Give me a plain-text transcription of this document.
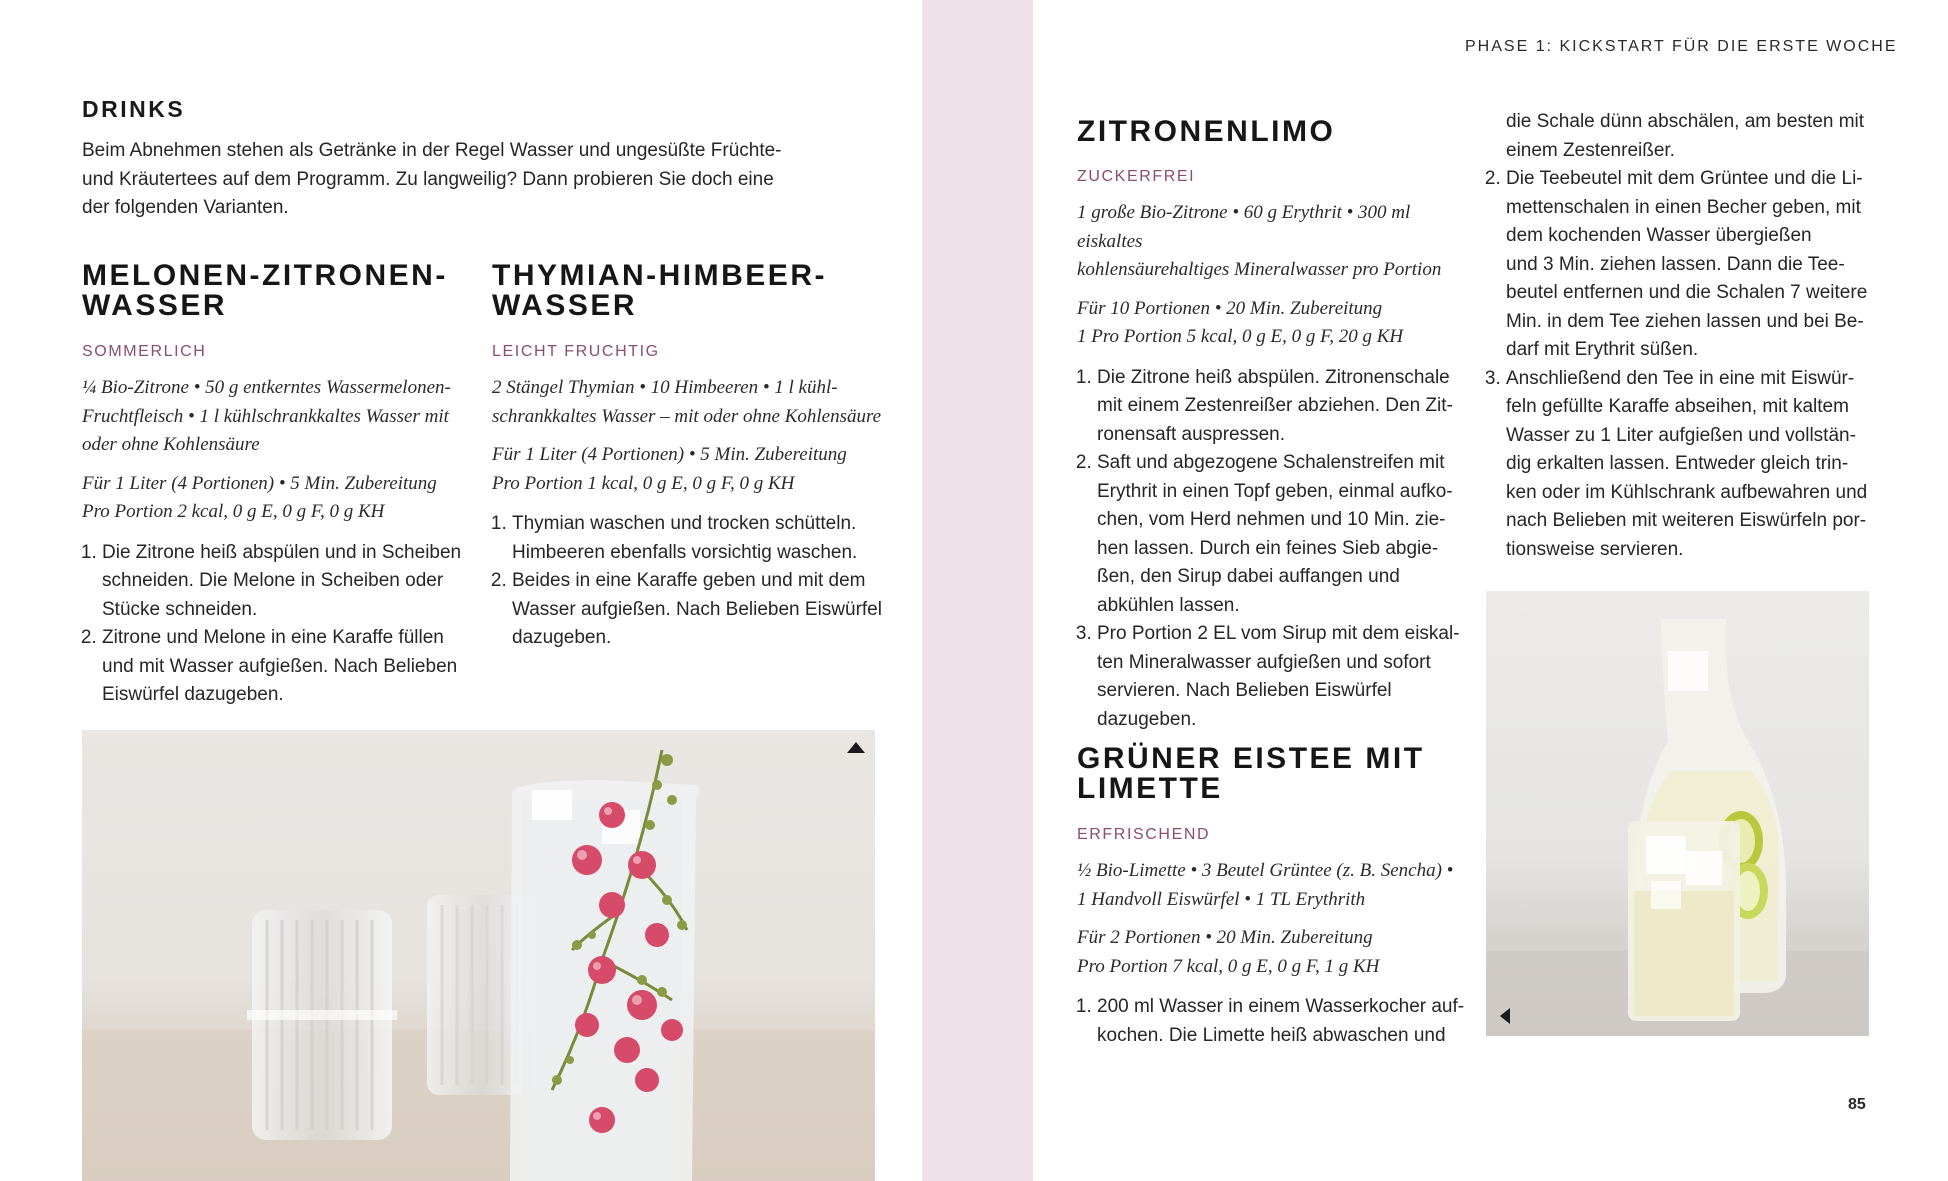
DRINKS
Beim Abnehmen stehen als Getränke in der Regel Wasser und ungesüßte Früchte-
und Kräutertees auf dem Programm. Zu langweilig? Dann probieren Sie doch eine
der folgenden Varianten.
MELONEN-ZITRONEN-
WASSER
SOMMERLICH
¼ Bio-Zitrone • 50 g entkerntes Wassermelonen-
Fruchtfleisch • 1 l kühlschrankkaltes Wasser mit
oder ohne Kohlensäure
Für 1 Liter (4 Portionen) • 5 Min. Zubereitung
Pro Portion 2 kcal, 0 g E, 0 g F, 0 g KH
1. Die Zitrone heiß abspülen und in Scheiben
schneiden. Die Melone in Scheiben oder
Stücke schneiden.
2. Zitrone und Melone in eine Karaffe füllen
und mit Wasser aufgießen. Nach Belieben
Eiswürfel dazugeben.
THYMIAN-HIMBEER-
WASSER
LEICHT FRUCHTIG
2 Stängel Thymian • 10 Himbeeren • 1 l kühl-
schrankkaltes Wasser – mit oder ohne Kohlensäure
Für 1 Liter (4 Portionen) • 5 Min. Zubereitung
Pro Portion 1 kcal, 0 g E, 0 g F, 0 g KH
1. Thymian waschen und trocken schütteln.
Himbeeren ebenfalls vorsichtig waschen.
2. Beides in eine Karaffe geben und mit dem
Wasser aufgießen. Nach Belieben Eiswürfel
dazugeben.
PHASE 1: KICKSTART FÜR DIE ERSTE WOCHE
ZITRONENLIMO
ZUCKERFREI
1 große Bio-Zitrone • 60 g Erythrit • 300 ml eiskaltes
kohlensäurehaltiges Mineralwasser pro Portion
Für 10 Portionen • 20 Min. Zubereitung
1 Pro Portion 5 kcal, 0 g E, 0 g F, 20 g KH
1. Die Zitrone heiß abspülen. Zitronenschale
mit einem Zestenreißer abziehen. Den Zit-
ronensaft auspressen.
2. Saft und abgezogene Schalenstreifen mit
Erythrit in einen Topf geben, einmal aufko-
chen, vom Herd nehmen und 10 Min. zie-
hen lassen. Durch ein feines Sieb abgie-
ßen, den Sirup dabei auffangen und
abkühlen lassen.
3. Pro Portion 2 EL vom Sirup mit dem eiskal-
ten Mineralwasser aufgießen und sofort
servieren. Nach Belieben Eiswürfel
dazugeben.
GRÜNER EISTEE MIT
LIMETTE
ERFRISCHEND
½ Bio-Limette • 3 Beutel Grüntee (z. B. Sencha) •
1 Handvoll Eiswürfel • 1 TL Erythrith
Für 2 Portionen • 20 Min. Zubereitung
Pro Portion 7 kcal, 0 g E, 0 g F, 1 g KH
1. 200 ml Wasser in einem Wasserkocher auf-
kochen. Die Limette heiß abwaschen und
die Schale dünn abschälen, am besten mit
einem Zestenreißer.
2. Die Teebeutel mit dem Grüntee und die Li-
mettenschalen in einen Becher geben, mit
dem kochenden Wasser übergießen
und 3 Min. ziehen lassen. Dann die Tee-
beutel entfernen und die Schalen 7 weitere
Min. in dem Tee ziehen lassen und bei Be-
darf mit Erythrit süßen.
3. Anschließend den Tee in eine mit Eiswür-
feln gefüllte Karaffe abseihen, mit kaltem
Wasser zu 1 Liter aufgießen und vollstän-
dig erkalten lassen. Entweder gleich trin-
ken oder im Kühlschrank aufbewahren und
nach Belieben mit weiteren Eiswürfeln por-
tionsweise servieren.
85
